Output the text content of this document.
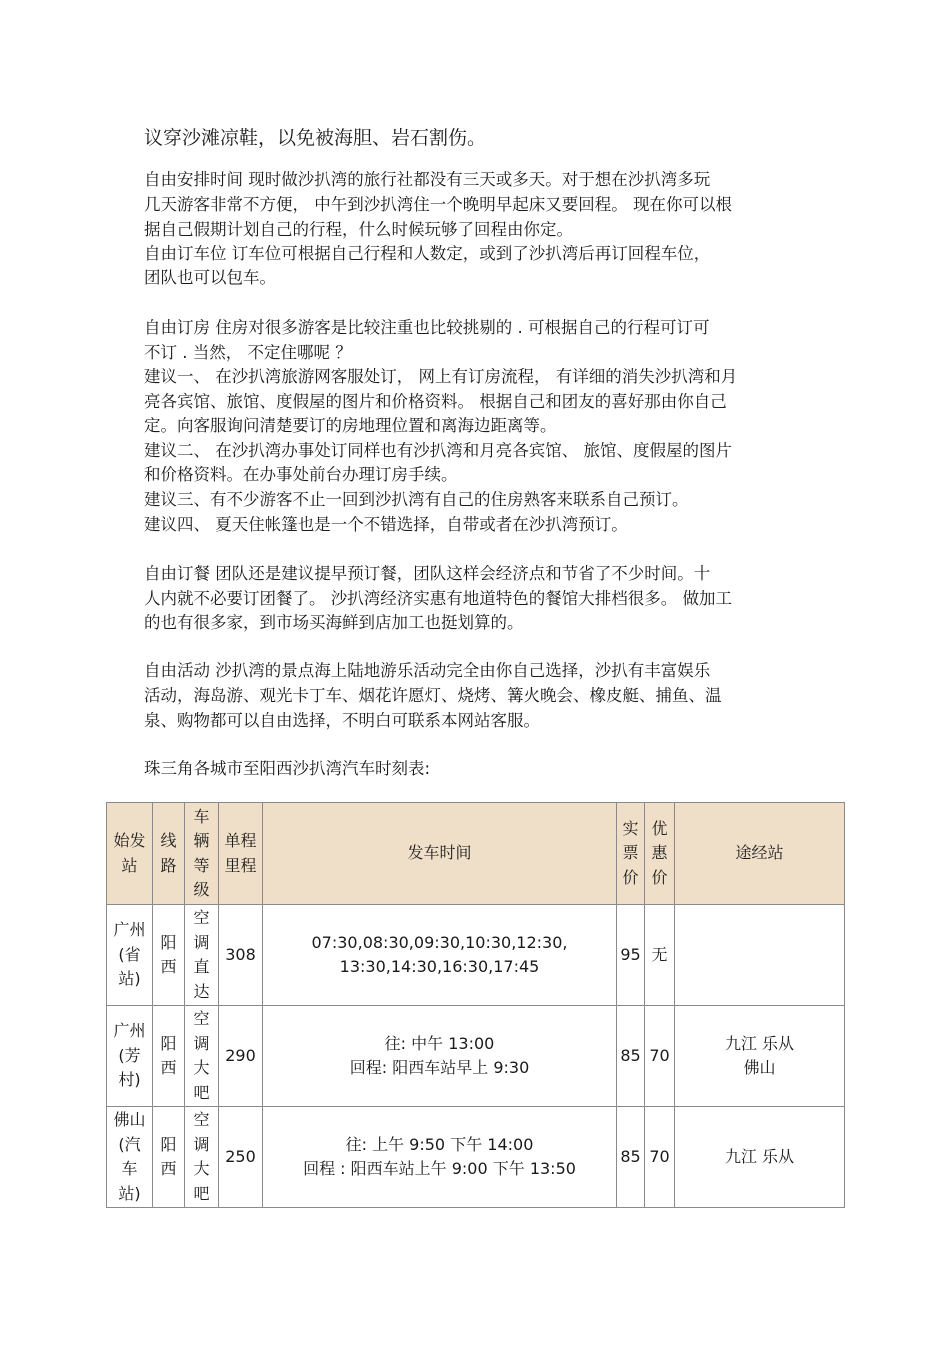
议穿沙滩凉鞋，以免被海胆、岩石割伤。
自由安排时间 现时做沙扒湾的旅行社都没有三天或多天。对于想在沙扒湾多玩
几天游客非常不方便， 中午到沙扒湾住一个晚明早起床又要回程。 现在你可以根
据自己假期计划自己的行程，什么时候玩够了回程由你定。
自由订车位 订车位可根据自己行程和人数定，或到了沙扒湾后再订回程车位，
团队也可以包车。
自由订房 住房对很多游客是比较注重也比较挑剔的 . 可根据自己的行程可订可
不订 . 当然， 不定住哪呢 ？
建议一、 在沙扒湾旅游网客服处订， 网上有订房流程， 有详细的消失沙扒湾和月
亮各宾馆、旅馆、度假屋的图片和价格资料。 根据自己和团友的喜好那由你自己
定。向客服询问清楚要订的房地理位置和离海边距离等。
建议二、 在沙扒湾办事处订同样也有沙扒湾和月亮各宾馆、 旅馆、度假屋的图片
和价格资料。在办事处前台办理订房手续。
建议三、有不少游客不止一回到沙扒湾有自己的住房熟客来联系自己预订。
建议四、 夏天住帐篷也是一个不错选择，自带或者在沙扒湾预订。
自由订餐 团队还是建议提早预订餐，团队这样会经济点和节省了不少时间。十
人内就不必要订团餐了。 沙扒湾经济实惠有地道特色的餐馆大排档很多。 做加工
的也有很多家，到市场买海鲜到店加工也挺划算的。
自由活动 沙扒湾的景点海上陆地游乐活动完全由你自己选择，沙扒有丰富娱乐
活动，海岛游、观光卡丁车、烟花许愿灯、烧烤、篝火晚会、橡皮艇、捕鱼、温
泉、购物都可以自由选择，不明白可联系本网站客服。
珠三角各城市至阳西沙扒湾汽车时刻表:
始发站	线路	车辆等级	单程里程	发车时间	实票价	优惠价	途经站
广州(省站)	阳西	空调直达	308	07:30,08:30,09:30,10:30,12:30,
13:30,14:30,16:30,17:45	95	无	
广州(芳村)	阳西	空调大吧	290	往: 中午 13:00
回程: 阳西车站早上 9:30	85	70	九江 乐从
佛山

佛山(汽车站)	阳西	空调大吧	250	往: 上午 9:50 下午 14:00
回程 : 阳西车站上午 9:00 下午 13:50	85	70	九江 乐从
